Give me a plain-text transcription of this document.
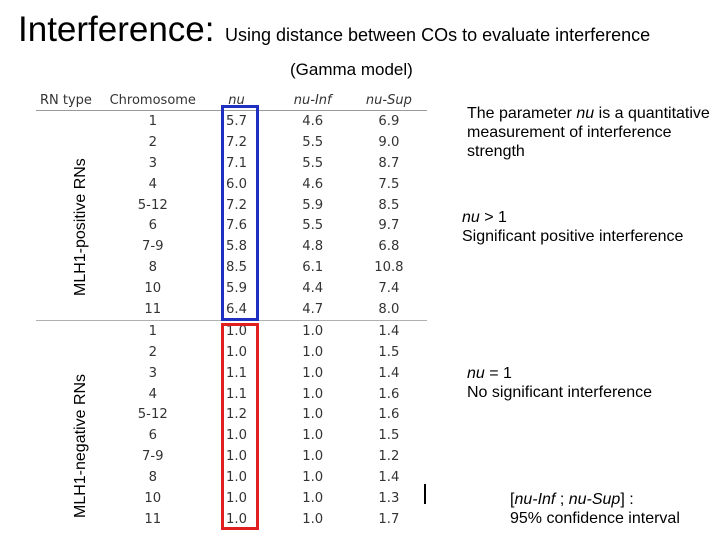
Interference: Using distance between COs to evaluate interference
(Gamma model)
RN type	Chromosome	nu	nu-Inf	nu-Sup
	1	5.7	4.6	6.9
	2	7.2	5.5	9.0
	3	7.1	5.5	8.7
	4	6.0	4.6	7.5
	5-12	7.2	5.9	8.5
	6	7.6	5.5	9.7
	7-9	5.8	4.8	6.8
	8	8.5	6.1	10.8
	10	5.9	4.4	7.4
	11	6.4	4.7	8.0
	1	1.0	1.0	1.4
	2	1.0	1.0	1.5
	3	1.1	1.0	1.4
	4	1.1	1.0	1.6
	5-12	1.2	1.0	1.6
	6	1.0	1.0	1.5
	7-9	1.0	1.0	1.2
	8	1.0	1.0	1.4
	10	1.0	1.0	1.3
	11	1.0	1.0	1.7
MLH1-positive RNs
MLH1-negative RNs
The parameter nu is a quantitative measurement of interference strength
nu > 1
Significant positive interference
nu = 1
No significant interference
[nu-Inf ; nu-Sup] :
95% confidence interval
